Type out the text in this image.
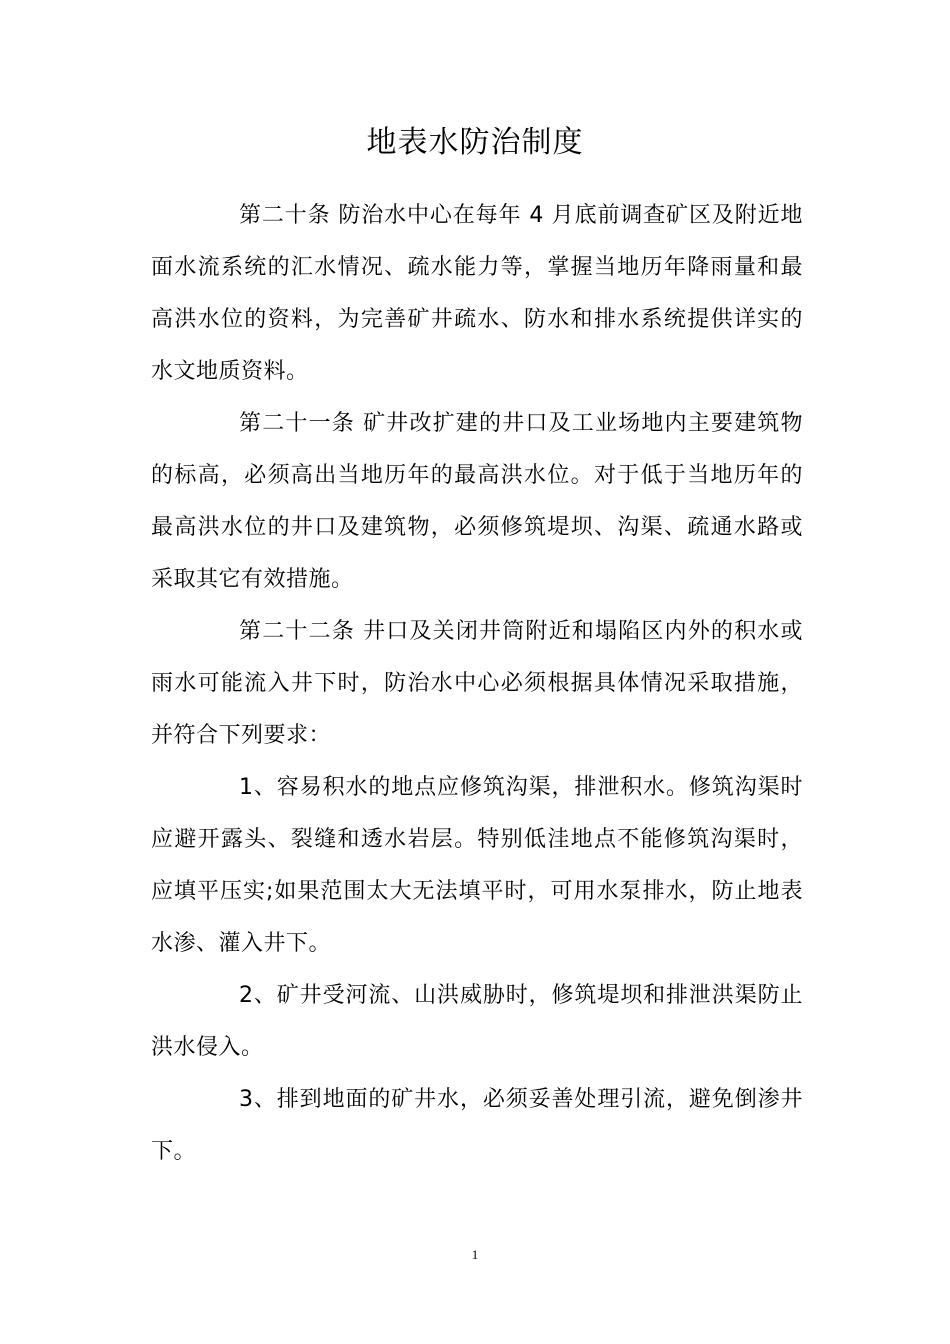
地表水防治制度

第二十条 防治水中心在每年 4 月底前调查矿区及附近地面水流系统的汇水情况、疏水能力等，掌握当地历年降雨量和最高洪水位的资料，为完善矿井疏水、防水和排水系统提供详实的水文地质资料。

第二十一条 矿井改扩建的井口及工业场地内主要建筑物的标高，必须高出当地历年的最高洪水位。对于低于当地历年的最高洪水位的井口及建筑物，必须修筑堤坝、沟渠、疏通水路或采取其它有效措施。

第二十二条 井口及关闭井筒附近和塌陷区内外的积水或雨水可能流入井下时，防治水中心必须根据具体情况采取措施，并符合下列要求：

1、容易积水的地点应修筑沟渠，排泄积水。修筑沟渠时应避开露头、裂缝和透水岩层。特别低洼地点不能修筑沟渠时，应填平压实;如果范围太大无法填平时，可用水泵排水，防止地表水渗、灌入井下。

2、矿井受河流、山洪威胁时，修筑堤坝和排泄洪渠防止洪水侵入。

3、排到地面的矿井水，必须妥善处理引流，避免倒渗井下。

1
